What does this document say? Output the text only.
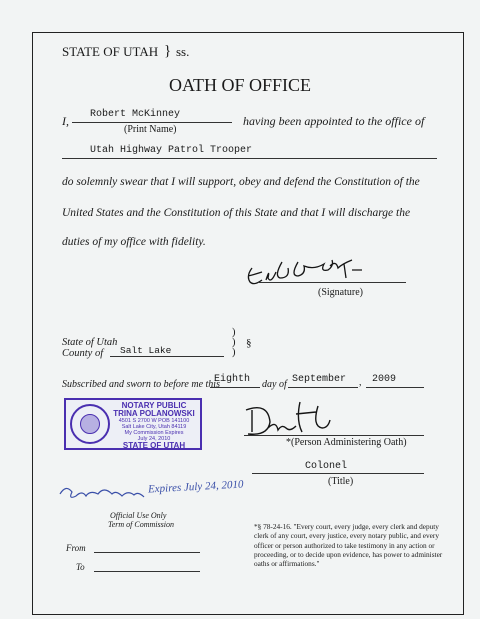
STATE OF UTAH } ss.
OATH OF OFFICE
I, Robert McKinney
(Print Name)
having been appointed to the office of
Utah Highway Patrol Trooper
do solemnly swear that I will support, obey and defend the Constitution of the
United States and the Constitution of this State and that I will discharge the
duties of my office with fidelity.
(Signature)
State of Utah
County of Salt Lake
)
)
)
§
Subscribed and sworn to before me this
Eighth day of September , 2009
NOTARY PUBLIC
TRINA POLANOWSKI
4501 S 2700 W POB 141100
Salt Lake City, Utah 84119
My Commission Expires
July 24, 2010
STATE OF UTAH	*(Person Administering Oath)
Colonel
(Title)
Expires July 24, 2010
Official Use Only
Term of Commission
From
To
*§ 78-24-16. "Every court, every judge, every clerk and deputy clerk of any court, every justice, every notary public, and every officer or person authorized to take testimony in any action or proceeding, or to decide upon evidence, has power to administer oaths or affirmations."
